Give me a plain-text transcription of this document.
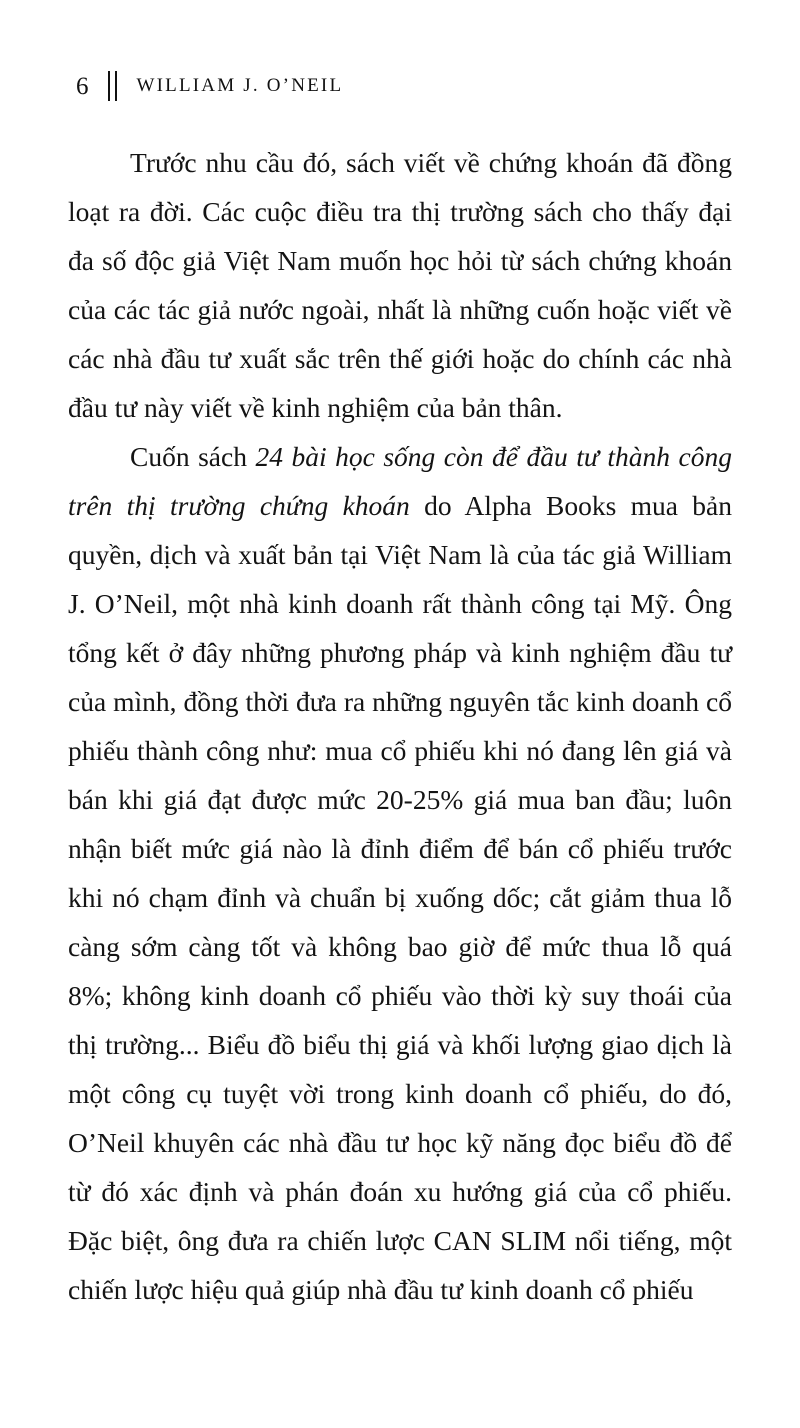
6	WILLIAM J. O’NEIL

Trước nhu cầu đó, sách viết về chứng khoán đã đồng loạt ra đời. Các cuộc điều tra thị trường sách cho thấy đại đa số độc giả Việt Nam muốn học hỏi từ sách chứng khoán của các tác giả nước ngoài, nhất là những cuốn hoặc viết về các nhà đầu tư xuất sắc trên thế giới hoặc do chính các nhà đầu tư này viết về kinh nghiệm của bản thân.

Cuốn sách 24 bài học sống còn để đầu tư thành công trên thị trường chứng khoán do Alpha Books mua bản quyền, dịch và xuất bản tại Việt Nam là của tác giả William J. O’Neil, một nhà kinh doanh rất thành công tại Mỹ. Ông tổng kết ở đây những phương pháp và kinh nghiệm đầu tư của mình, đồng thời đưa ra những nguyên tắc kinh doanh cổ phiếu thành công như: mua cổ phiếu khi nó đang lên giá và bán khi giá đạt được mức 20-25% giá mua ban đầu; luôn nhận biết mức giá nào là đỉnh điểm để bán cổ phiếu trước khi nó chạm đỉnh và chuẩn bị xuống dốc; cắt giảm thua lỗ càng sớm càng tốt và không bao giờ để mức thua lỗ quá 8%; không kinh doanh cổ phiếu vào thời kỳ suy thoái của thị trường... Biểu đồ biểu thị giá và khối lượng giao dịch là một công cụ tuyệt vời trong kinh doanh cổ phiếu, do đó, O’Neil khuyên các nhà đầu tư học kỹ năng đọc biểu đồ để từ đó xác định và phán đoán xu hướng giá của cổ phiếu. Đặc biệt, ông đưa ra chiến lược CAN SLIM nổi tiếng, một chiến lược hiệu quả giúp nhà đầu tư kinh doanh cổ phiếu
